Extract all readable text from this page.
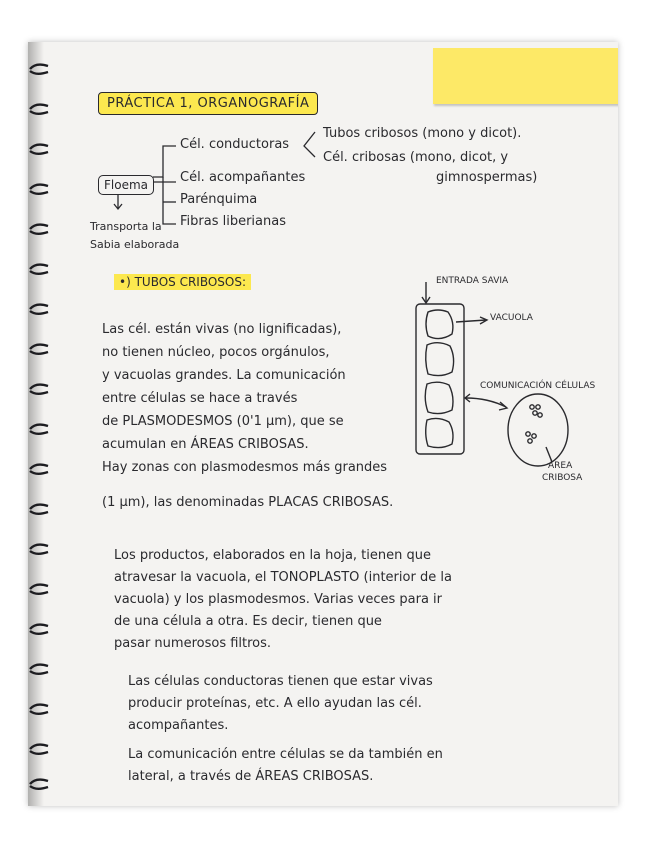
PRÁCTICA 1, ORGANOGRAFÍA
Floema
Cél. conductoras
Cél. acompañantes
Parénquima
Fibras liberianas
Tubos cribosos (mono y dicot).
Cél. cribosas (mono, dicot, y
gimnospermas)
Transporta la
Sabia elaborada
•) TUBOS CRIBOSOS:
Las cél. están vivas (no lignificadas),
no tienen núcleo, pocos orgánulos,
y vacuolas grandes. La comunicación
entre células se hace a través
de PLASMODESMOS (0'1 µm), que se
acumulan en ÁREAS CRIBOSAS.
Hay zonas con plasmodesmos más grandes
(1 µm), las denominadas PLACAS CRIBOSAS.
ENTRADA SAVIA
VACUOLA
COMUNICACIÓN CÉLULAS
ÁREA
CRIBOSA
Los productos, elaborados en la hoja, tienen que
atravesar la vacuola, el TONOPLASTO (interior de la
vacuola) y los plasmodesmos. Varias veces para ir
de una célula a otra. Es decir, tienen que
pasar numerosos filtros.
Las células conductoras tienen que estar vivas
producir proteínas, etc. A ello ayudan las cél.
acompañantes.
La comunicación entre células se da también en
lateral, a través de ÁREAS CRIBOSAS.
